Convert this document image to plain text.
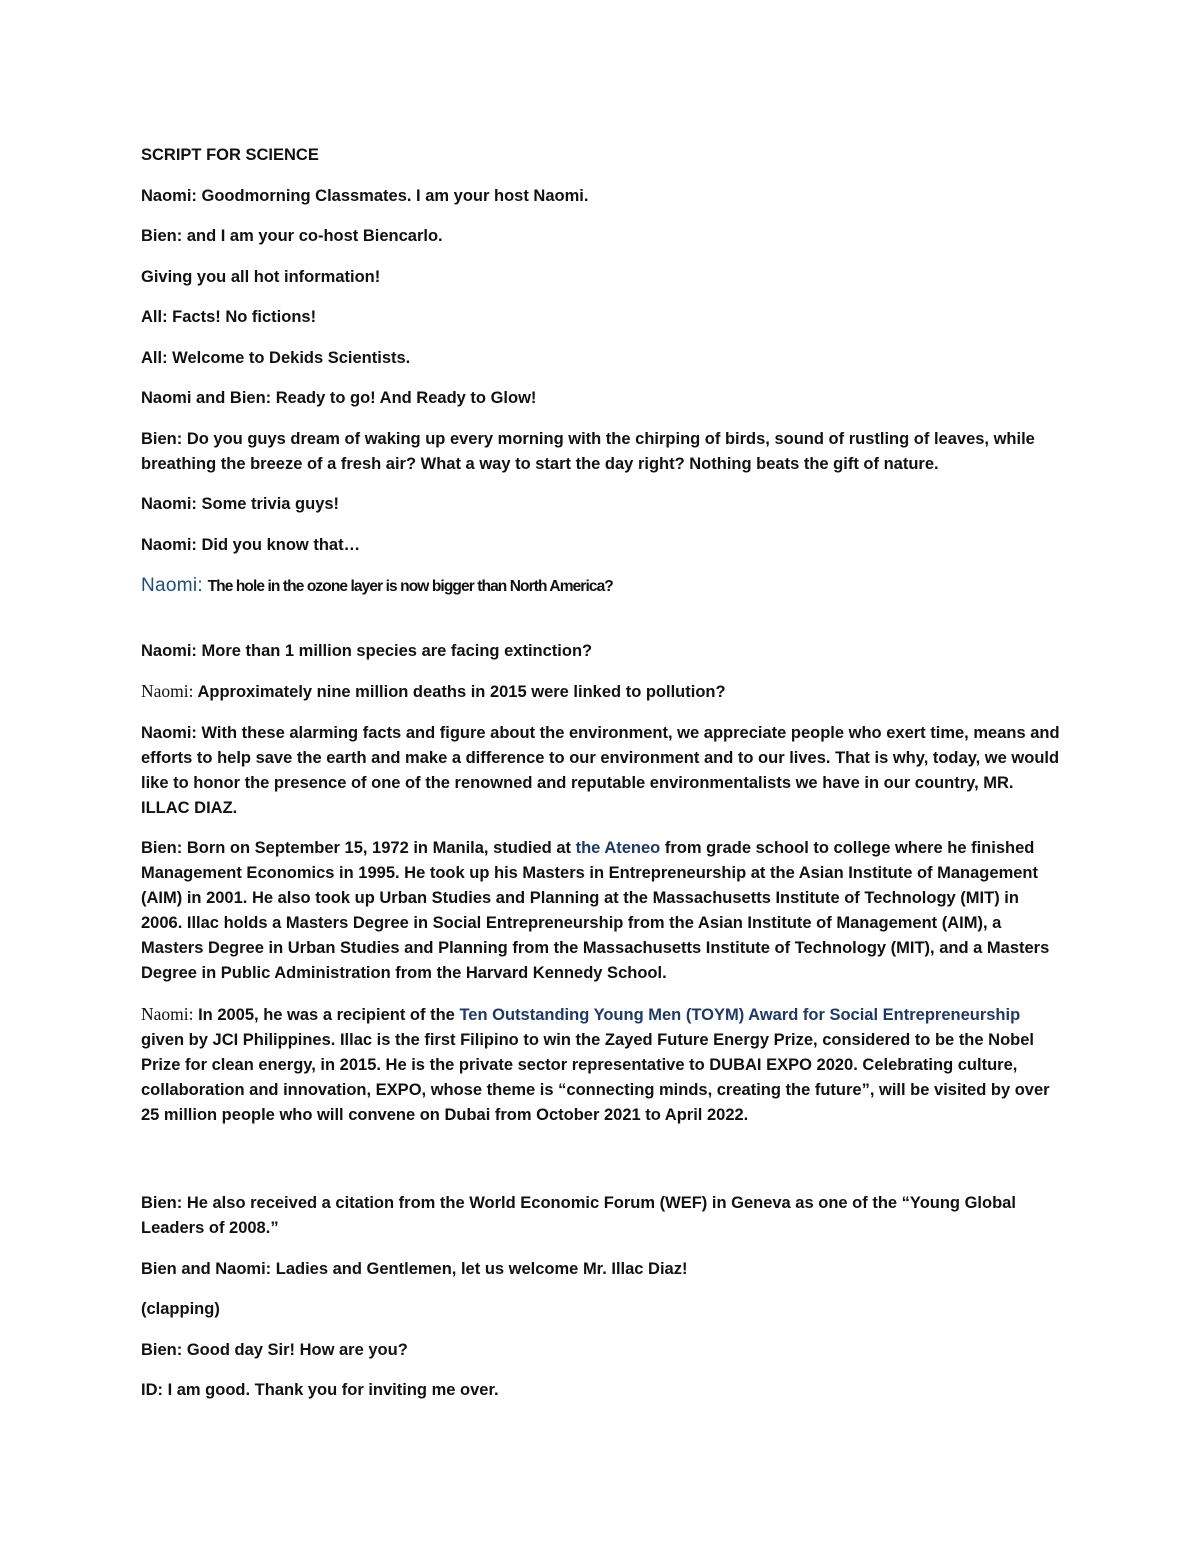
SCRIPT FOR SCIENCE

Naomi: Goodmorning Classmates. I am your host Naomi.

Bien: and I am your co-host Biencarlo.

Giving you all hot information!

All: Facts! No fictions!

All: Welcome to Dekids Scientists.

Naomi and Bien: Ready to go! And Ready to Glow!

Bien: Do you guys dream of waking up every morning with the chirping of birds, sound of rustling of leaves, while breathing the breeze of a fresh air? What a way to start the day right? Nothing beats the gift of nature.

Naomi: Some trivia guys!

Naomi: Did you know that…

Naomi: The hole in the ozone layer is now bigger than North America?

Naomi: More than 1 million species are facing extinction?

Naomi: Approximately nine million deaths in 2015 were linked to pollution?

Naomi: With these alarming facts and figure about the environment, we appreciate people who exert time, means and efforts to help save the earth and make a difference to our environment and to our lives. That is why, today, we would like to honor the presence of one of the renowned and reputable environmentalists we have in our country, MR. ILLAC DIAZ.

Bien: Born on September 15, 1972 in Manila, studied at the Ateneo from grade school to college where he finished Management Economics in 1995. He took up his Masters in Entrepreneurship at the Asian Institute of Management (AIM) in 2001. He also took up Urban Studies and Planning at the Massachusetts Institute of Technology (MIT) in 2006. Illac holds a Masters Degree in Social Entrepreneurship from the Asian Institute of Management (AIM), a Masters Degree in Urban Studies and Planning from the Massachusetts Institute of Technology (MIT), and a Masters Degree in Public Administration from the Harvard Kennedy School.

Naomi: In 2005, he was a recipient of the Ten Outstanding Young Men (TOYM) Award for Social Entrepreneurship given by JCI Philippines. Illac is the first Filipino to win the Zayed Future Energy Prize, considered to be the Nobel Prize for clean energy, in 2015. He is the private sector representative to DUBAI EXPO 2020. Celebrating culture, collaboration and innovation, EXPO, whose theme is “connecting minds, creating the future”, will be visited by over 25 million people who will convene on Dubai from October 2021 to April 2022.

Bien: He also received a citation from the World Economic Forum (WEF) in Geneva as one of the “Young Global Leaders of 2008.”

Bien and Naomi: Ladies and Gentlemen, let us welcome Mr. Illac Diaz!

(clapping)

Bien: Good day Sir! How are you?

ID: I am good. Thank you for inviting me over.
